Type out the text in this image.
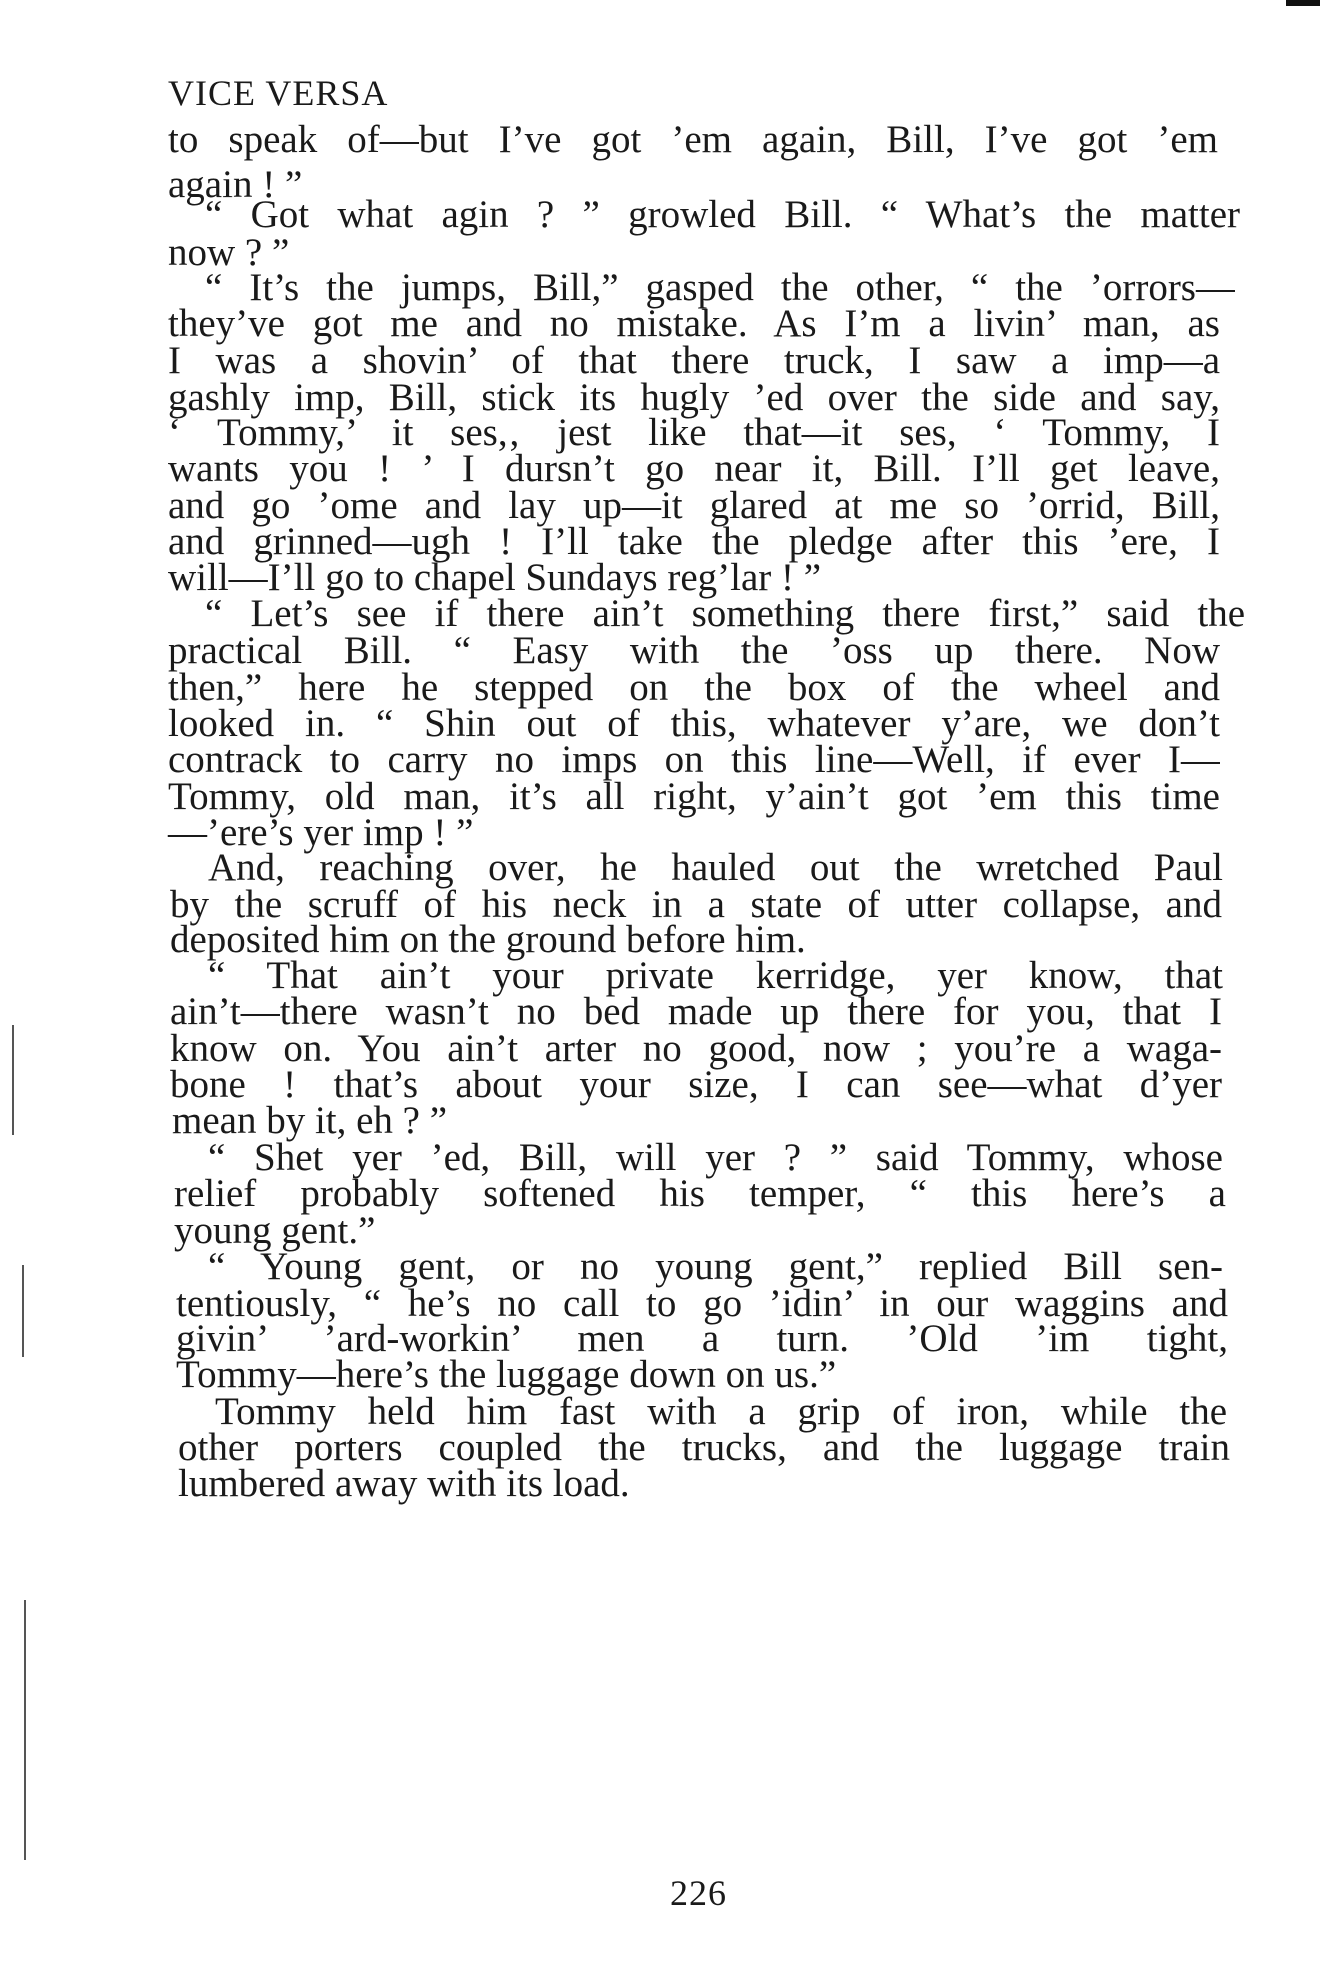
VICE VERSA
to speak of—but I’ve got ’em again, Bill, I’ve got ’em
again ! ”
“ Got what agin ? ” growled Bill. “ What’s the matter
now ? ”
“ It’s the jumps, Bill,” gasped the other, “ the ’orrors—
they’ve got me and no mistake. As I’m a livin’ man, as
I was a shovin’ of that there truck, I saw a imp—a
gashly imp, Bill, stick its hugly ’ed over the side and say,
‘ Tommy,’ it ses,‚ jest like that—it ses, ‘ Tommy, I
wants you ! ’ I dursn’t go near it, Bill. I’ll get leave,
and go ’ome and lay up—it glared at me so ’orrid, Bill,
and grinned—ugh ! I’ll take the pledge after this ’ere, I
will—I’ll go to chapel Sundays reg’lar ! ”
“ Let’s see if there ain’t something there first,” said the
practical Bill. “ Easy with the ’oss up there. Now
then,” here he stepped on the box of the wheel and
looked in. “ Shin out of this, whatever y’are, we don’t
contrack to carry no imps on this line—Well, if ever I—
Tommy, old man, it’s all right, y’ain’t got ’em this time
—’ere’s yer imp ! ”
And, reaching over, he hauled out the wretched Paul
by the scruff of his neck in a state of utter collapse, and
deposited him on the ground before him.
“ That ain’t your private kerridge, yer know, that
ain’t—there wasn’t no bed made up there for you, that I
know on. You ain’t arter no good, now ; you’re a waga-
bone ! that’s about your size, I can see—what d’yer
mean by it, eh ? ”
“ Shet yer ’ed, Bill, will yer ? ” said Tommy, whose
relief probably softened his temper, “ this here’s a
young gent.”
“ Young gent, or no young gent,” replied Bill sen-
tentiously, “ he’s no call to go ’idin’ in our waggins and
givin’ ’ard-workin’ men a turn. ’Old ’im tight,
Tommy—here’s the luggage down on us.”
Tommy held him fast with a grip of iron, while the
other porters coupled the trucks, and the luggage train
lumbered away with its load.
226
